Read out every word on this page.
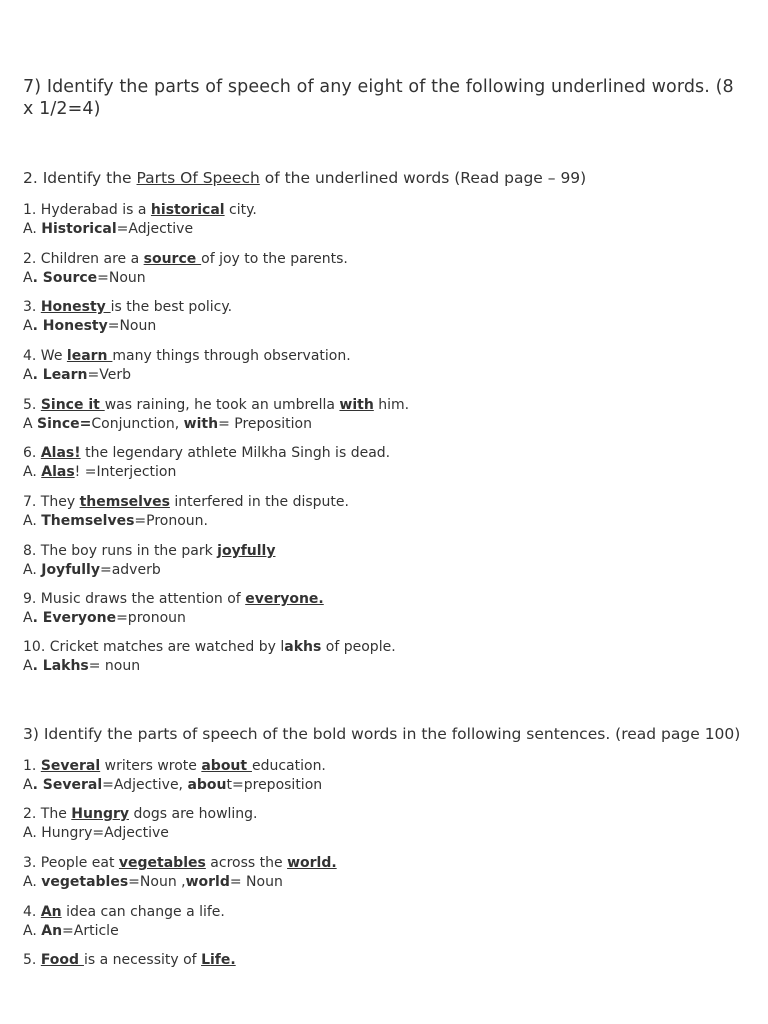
7) Identify the parts of speech of any eight of the following underlined words. (8 x 1/2=4)
2. Identify the Parts Of Speech of the underlined words (Read page – 99)
1. Hyderabad is a historical city.
A. Historical=Adjective
2. Children are a source of joy to the parents.
A. Source=Noun
3. Honesty is the best policy.
A. Honesty=Noun
4. We learn many things through observation.
A. Learn=Verb
5. Since it was raining, he took an umbrella with him.
A Since=Conjunction, with= Preposition
6. Alas! the legendary athlete Milkha Singh is dead.
A. Alas! =Interjection
7. They themselves interfered in the dispute.
A. Themselves=Pronoun.
8. The boy runs in the park joyfully
A. Joyfully=adverb
9. Music draws the attention of everyone.
A. Everyone=pronoun
10. Cricket matches are watched by lakhs of people.
A. Lakhs= noun
3) Identify the parts of speech of the bold words in the following sentences. (read page 100)
1. Several writers wrote about education.
A. Several=Adjective, about=preposition
2. The Hungry dogs are howling.
A. Hungry=Adjective
3. People eat vegetables across the world.
A. vegetables=Noun ,world= Noun
4. An idea can change a life.
A. An=Article
5. Food is a necessity of Life.
